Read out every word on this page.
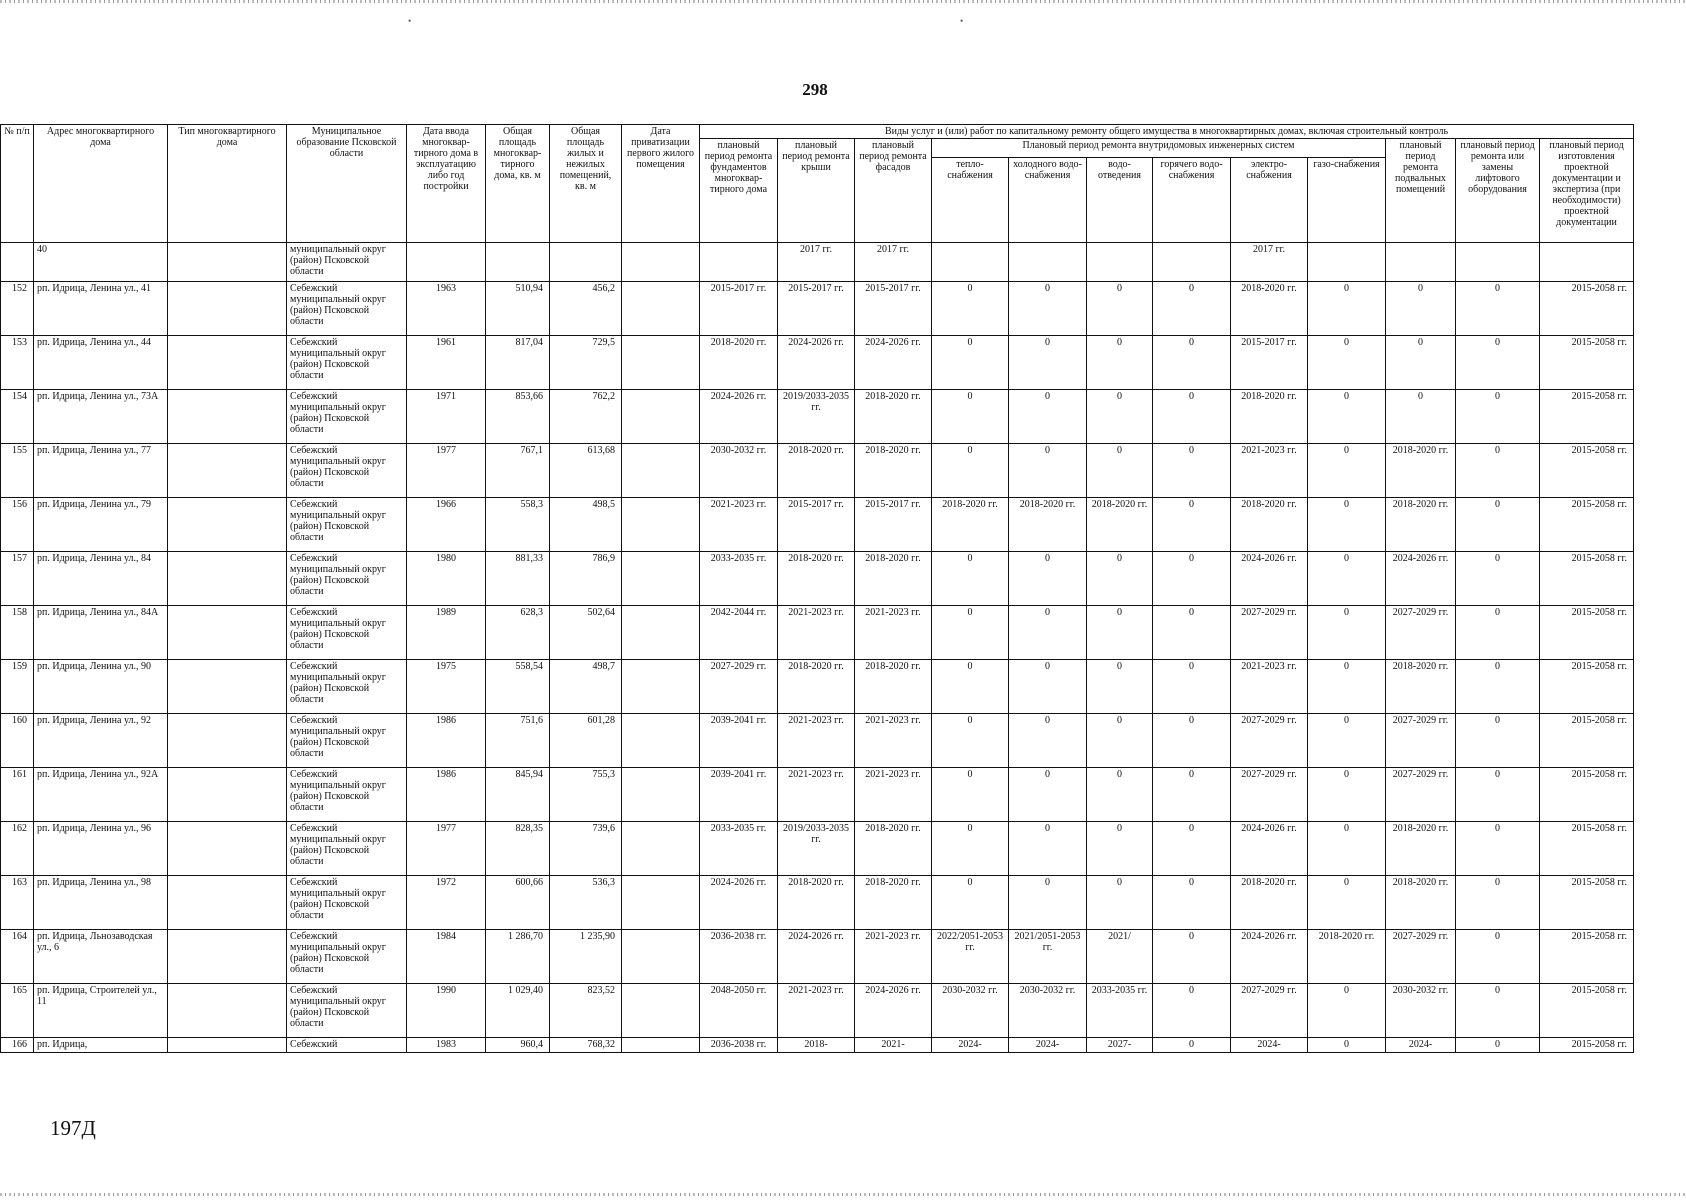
•	•
298
№ п/п	Адрес многоквартирного дома	Тип многоквартирного дома	Муниципальное образование Псковской области	Дата ввода многоквар-тирного дома в эксплуатацию либо год постройки	Общая площадь многоквар-тирного дома, кв. м	Общая площадь жилых и нежилых помещений, кв. м	Дата приватизации первого жилого помещения	Виды услуг и (или) работ по капитальному ремонту общего имущества в многоквартирных домах, включая строительный контроль											
								плановый период ремонта фундаментов многоквар-тирного дома	плановый период ремонта крыши	плановый период ремонта фасадов	Плановый период ремонта внутридомовых инженерных систем						плановый период ремонта подвальных помещений	плановый период ремонта или замены лифтового оборудования	плановый период изготовления проектной документации и экспертиза (при необходимости) проектной документации
											тепло-снабжения	холодного водо-снабжения	водо-отведения	горячего водо-снабжения	электро-снабжения	газо-снабжения			
	40		муниципальный округ (район) Псковской области						2017 гг.	2017 гг.					2017 гг.				
152	рп. Идрица, Ленина ул., 41		Себежский муниципальный округ (район) Псковской области	1963	510,94	456,2		2015-2017 гг.	2015-2017 гг.	2015-2017 гг.	0	0	0	0	2018-2020 гг.	0	0	0	2015-2058 гг.
153	рп. Идрица, Ленина ул., 44		Себежский муниципальный округ (район) Псковской области	1961	817,04	729,5		2018-2020 гг.	2024-2026 гг.	2024-2026 гг.	0	0	0	0	2015-2017 гг.	0	0	0	2015-2058 гг.
154	рп. Идрица, Ленина ул., 73А		Себежский муниципальный округ (район) Псковской области	1971	853,66	762,2		2024-2026 гг.	2019/2033-2035 гг.	2018-2020 гг.	0	0	0	0	2018-2020 гг.	0	0	0	2015-2058 гг.
155	рп. Идрица, Ленина ул., 77		Себежский муниципальный округ (район) Псковской области	1977	767,1	613,68		2030-2032 гг.	2018-2020 гг.	2018-2020 гг.	0	0	0	0	2021-2023 гг.	0	2018-2020 гг.	0	2015-2058 гг.
156	рп. Идрица, Ленина ул., 79		Себежский муниципальный округ (район) Псковской области	1966	558,3	498,5		2021-2023 гг.	2015-2017 гг.	2015-2017 гг.	2018-2020 гг.	2018-2020 гг.	2018-2020 гг.	0	2018-2020 гг.	0	2018-2020 гг.	0	2015-2058 гг.
157	рп. Идрица, Ленина ул., 84		Себежский муниципальный округ (район) Псковской области	1980	881,33	786,9		2033-2035 гг.	2018-2020 гг.	2018-2020 гг.	0	0	0	0	2024-2026 гг.	0	2024-2026 гг.	0	2015-2058 гг.
158	рп. Идрица, Ленина ул., 84А		Себежский муниципальный округ (район) Псковской области	1989	628,3	502,64		2042-2044 гг.	2021-2023 гг.	2021-2023 гг.	0	0	0	0	2027-2029 гг.	0	2027-2029 гг.	0	2015-2058 гг.
159	рп. Идрица, Ленина ул., 90		Себежский муниципальный округ (район) Псковской области	1975	558,54	498,7		2027-2029 гг.	2018-2020 гг.	2018-2020 гг.	0	0	0	0	2021-2023 гг.	0	2018-2020 гг.	0	2015-2058 гг.
160	рп. Идрица, Ленина ул., 92		Себежский муниципальный округ (район) Псковской области	1986	751,6	601,28		2039-2041 гг.	2021-2023 гг.	2021-2023 гг.	0	0	0	0	2027-2029 гг.	0	2027-2029 гг.	0	2015-2058 гг.
161	рп. Идрица, Ленина ул., 92А		Себежский муниципальный округ (район) Псковской области	1986	845,94	755,3		2039-2041 гг.	2021-2023 гг.	2021-2023 гг.	0	0	0	0	2027-2029 гг.	0	2027-2029 гг.	0	2015-2058 гг.
162	рп. Идрица, Ленина ул., 96		Себежский муниципальный округ (район) Псковской области	1977	828,35	739,6		2033-2035 гг.	2019/2033-2035 гг.	2018-2020 гг.	0	0	0	0	2024-2026 гг.	0	2018-2020 гг.	0	2015-2058 гг.
163	рп. Идрица, Ленина ул., 98		Себежский муниципальный округ (район) Псковской области	1972	600,66	536,3		2024-2026 гг.	2018-2020 гг.	2018-2020 гг.	0	0	0	0	2018-2020 гг.	0	2018-2020 гг.	0	2015-2058 гг.
164	рп. Идрица, Льнозаводская ул., 6		Себежский муниципальный округ (район) Псковской области	1984	1 286,70	1 235,90		2036-2038 гг.	2024-2026 гг.	2021-2023 гг.	2022/2051-2053 гг.	2021/2051-2053 гг.	2021/	0	2024-2026 гг.	2018-2020 гг.	2027-2029 гг.	0	2015-2058 гг.
165	рп. Идрица, Строителей ул., 11		Себежский муниципальный округ (район) Псковской области	1990	1 029,40	823,52		2048-2050 гг.	2021-2023 гг.	2024-2026 гг.	2030-2032 гг.	2030-2032 гг.	2033-2035 гг.	0	2027-2029 гг.	0	2030-2032 гг.	0	2015-2058 гг.
166	рп. Идрица,		Себежский	1983	960,4	768,32		2036-2038 гг.	2018-	2021-	2024-	2024-	2027-	0	2024-	0	2024-	0	2015-2058 гг.
197Д
